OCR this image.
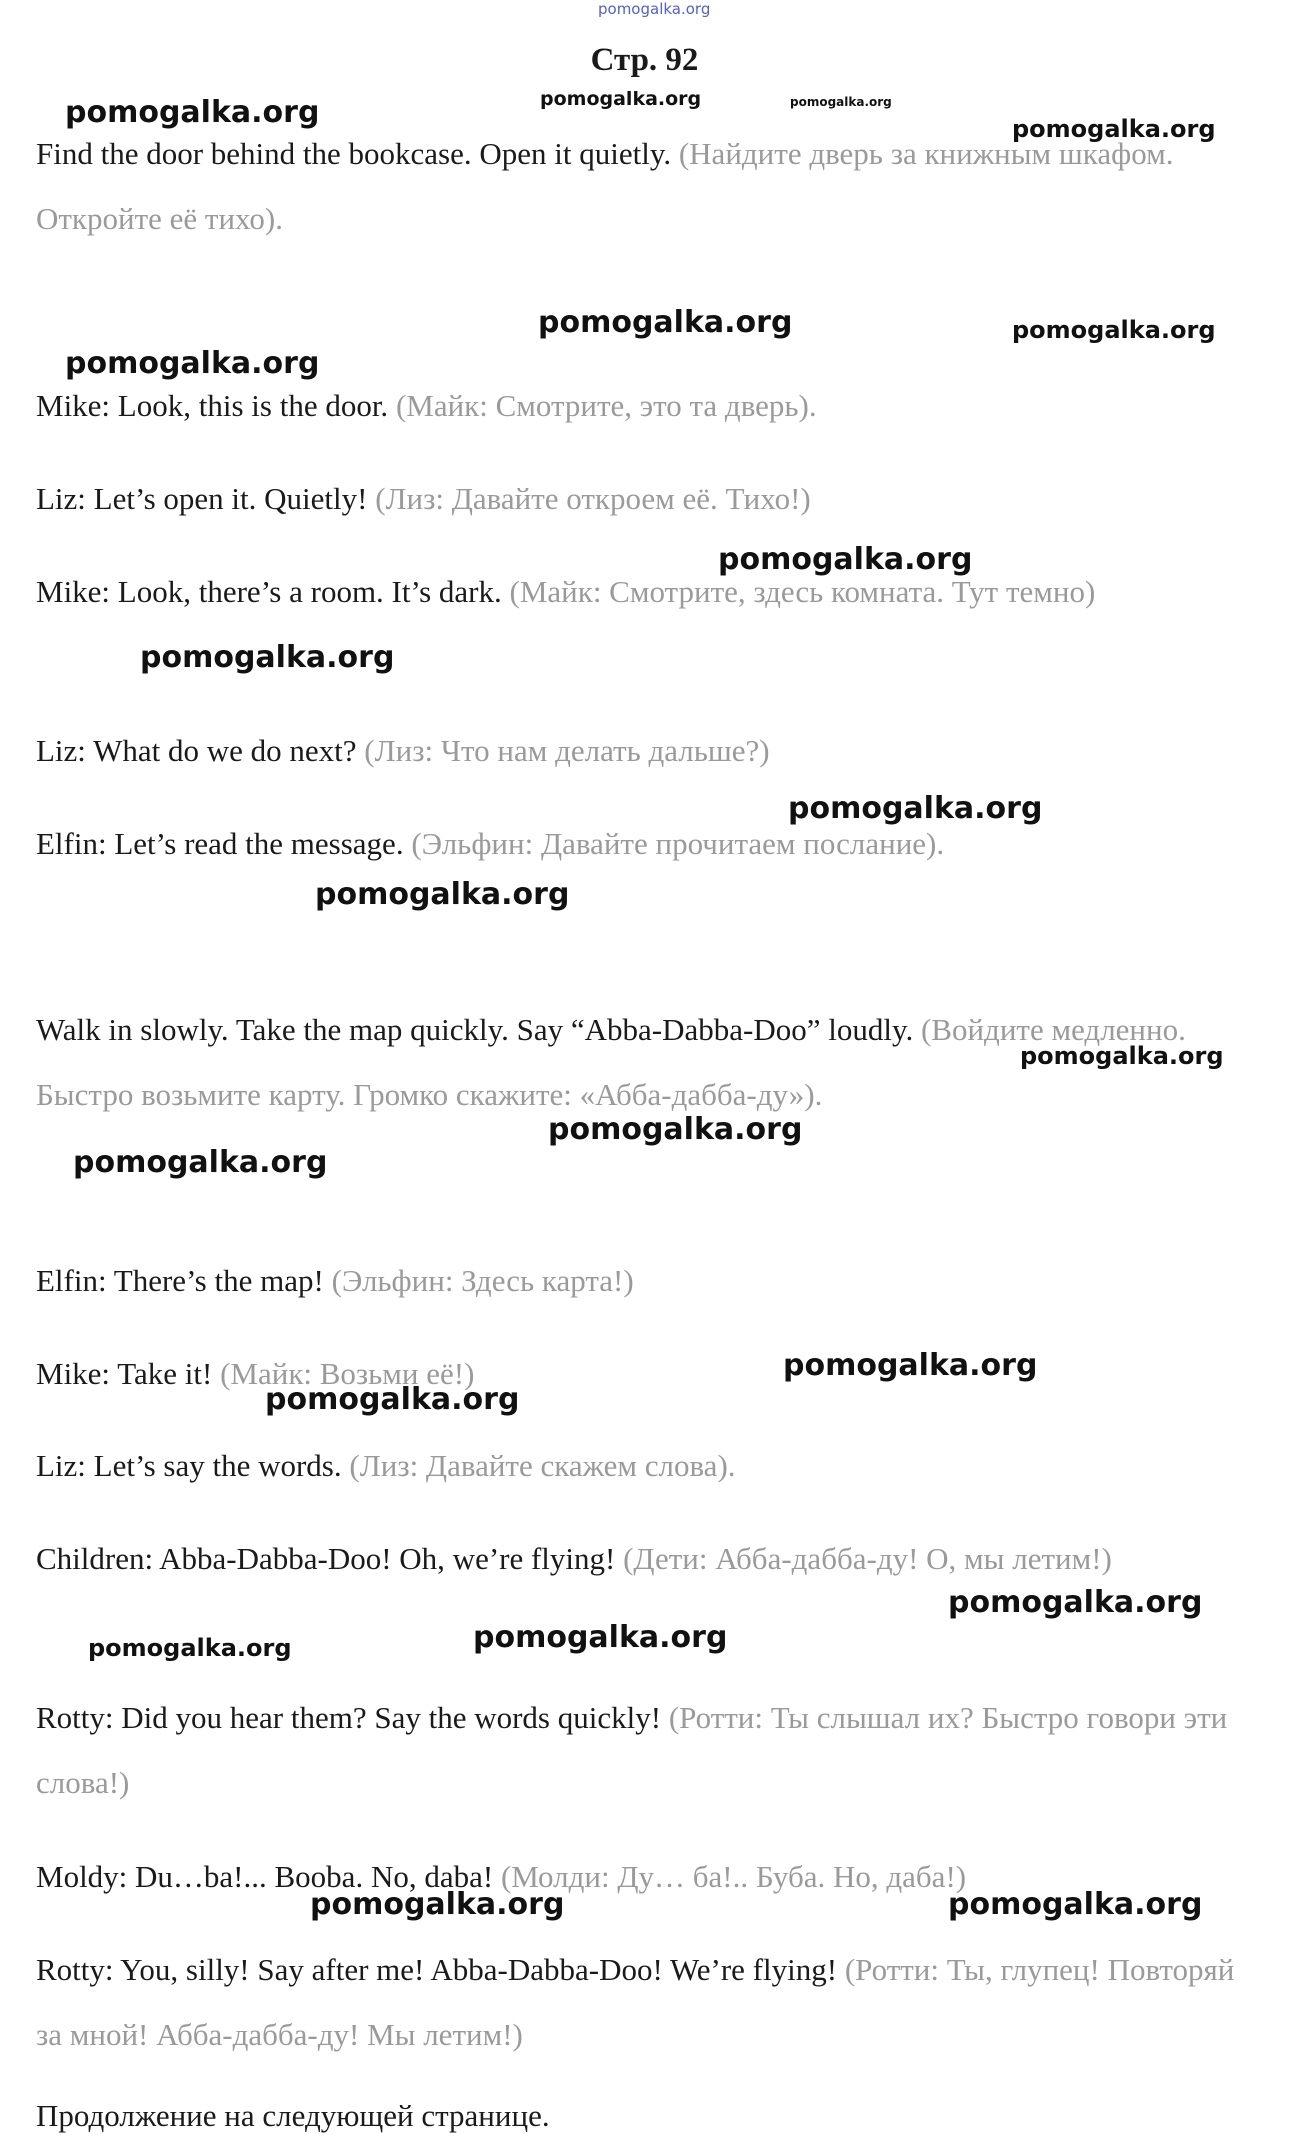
Стр. 92
Find the door behind the bookcase. Open it quietly. (Найдите дверь за книжным шкафом. Откройте её тихо).
Mike: Look, this is the door. (Майк: Смотрите, это та дверь).
Liz: Let’s open it. Quietly! (Лиз: Давайте откроем её. Тихо!)
Mike: Look, there’s a room. It’s dark. (Майк: Смотрите, здесь комната. Тут темно)
Liz: What do we do next? (Лиз: Что нам делать дальше?)
Elfin: Let’s read the message. (Эльфин: Давайте прочитаем послание).
Walk in slowly. Take the map quickly. Say “Abba-Dabba-Doo” loudly. (Войдите медленно. Быстро возьмите карту. Громко скажите: «Абба-дабба-ду»).
Elfin: There’s the map! (Эльфин: Здесь карта!)
Mike: Take it! (Майк: Возьми её!)
Liz: Let’s say the words. (Лиз: Давайте скажем слова).
Children: Abba-Dabba-Doo! Oh, we’re flying! (Дети: Абба-дабба-ду! О, мы летим!)
Rotty: Did you hear them? Say the words quickly! (Ротти: Ты слышал их? Быстро говори эти слова!)
Moldy: Du…ba!... Booba. No, daba! (Молди: Ду… ба!.. Буба. Но, даба!)
Rotty: You, silly! Say after me! Abba-Dabba-Doo! We’re flying! (Ротти: Ты, глупец! Повторяй за мной! Абба-дабба-ду! Мы летим!)
Продолжение на следующей странице.
pomogalka.org
pomogalka.org	pomogalka.org
pomogalka.org	pomogalka.org
pomogalka.org	pomogalka.org
pomogalka.org
pomogalka.org
pomogalka.org
pomogalka.org
pomogalka.org
pomogalka.org
pomogalka.org
pomogalka.org
pomogalka.org
pomogalka.org
pomogalka.org
pomogalka.org
pomogalka.org
pomogalka.org	pomogalka.org
